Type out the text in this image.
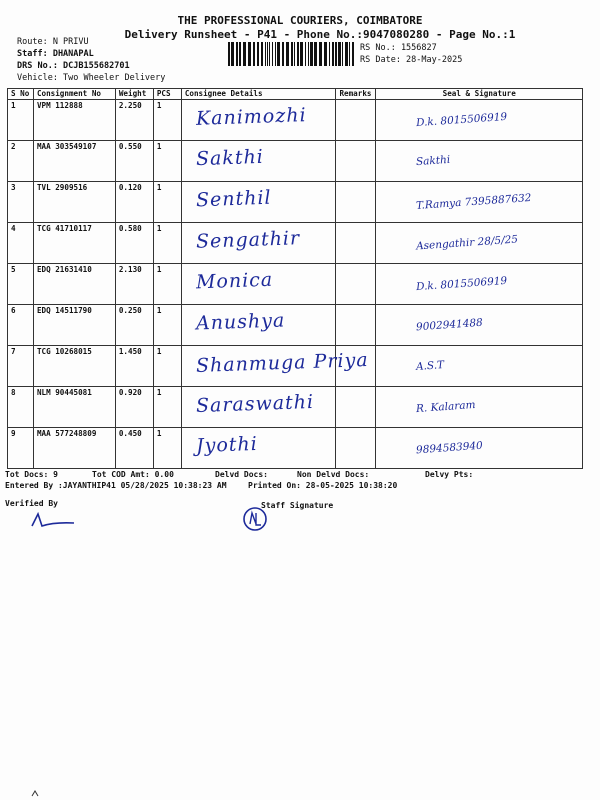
THE PROFESSIONAL COURIERS, COIMBATORE
Delivery Runsheet - P41 - Phone No.:9047080280 - Page No.:1
Route: N PRIVU
Staff: DHANAPAL
DRS No.: DCJB155682701
Vehicle: Two Wheeler Delivery
RS No.: 1556827
RS Date: 28-May-2025
S No	Consignment No	Weight	PCS	Consignee Details	Remarks	Seal & Signature
1	VPM 112888	2.250	1	Kanimozhi		D.k. 8015506919

2	MAA 303549107	0.550	1	Sakthi		Sakthi

3	TVL 2909516	0.120	1	Senthil		T.Ramya 7395887632

4	TCG 41710117	0.580	1	Sengathir		Asengathir 28/5/25

5	EDQ 21631410	2.130	1	Monica		D.k. 8015506919

6	EDQ 14511790	0.250	1	Anushya		9002941488

7	TCG 10268015	1.450	1	Shanmuga Priya		A.S.T

8	NLM 90445081	0.920	1	Saraswathi		R. Kalaram

9	MAA 577248809	0.450	1	Jyothi		9894583940
Tot Docs: 9	Tot COD Amt: 0.00	Delvd Docs:	Non Delvd Docs:	Delvy Pts:
Entered By :JAYANTHIP41 05/28/2025 10:38:23 AM	Printed On: 28-05-2025 10:38:20
Verified By	Staff Signature
